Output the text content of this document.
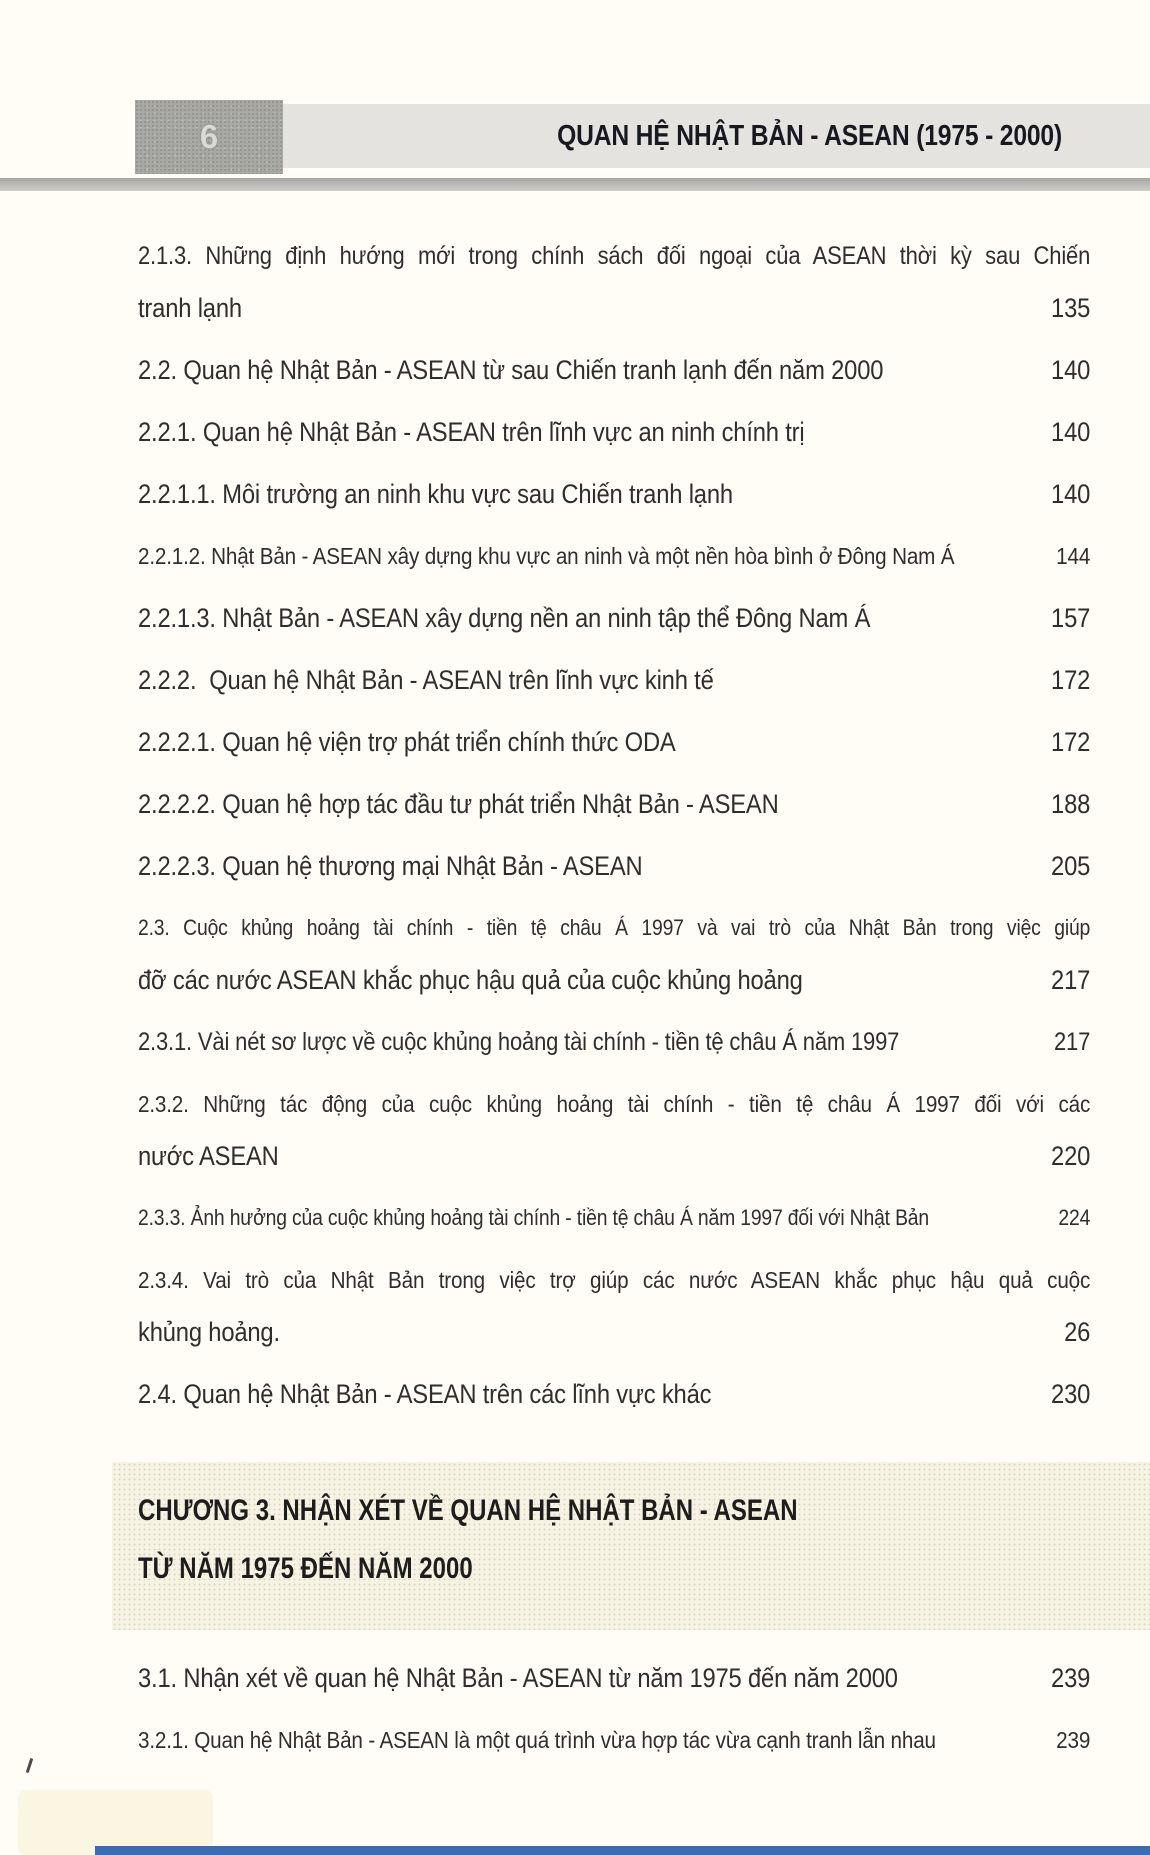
6	QUAN HỆ NHẬT BẢN - ASEAN (1975 - 2000)
2.1.3. Những định hướng mới trong chính sách đối ngoại của ASEAN thời kỳ sau Chiến
tranh lạnh	135
2.2. Quan hệ Nhật Bản - ASEAN từ sau Chiến tranh lạnh đến năm 2000	140
2.2.1. Quan hệ Nhật Bản - ASEAN trên lĩnh vực an ninh chính trị	140
2.2.1.1. Môi trường an ninh khu vực sau Chiến tranh lạnh	140
2.2.1.2. Nhật Bản - ASEAN xây dựng khu vực an ninh và một nền hòa bình ở Đông Nam Á	144
2.2.1.3. Nhật Bản - ASEAN xây dựng nền an ninh tập thể Đông Nam Á	157
2.2.2.  Quan hệ Nhật Bản - ASEAN trên lĩnh vực kinh tế	172
2.2.2.1. Quan hệ viện trợ phát triển chính thức ODA	172
2.2.2.2. Quan hệ hợp tác đầu tư phát triển Nhật Bản - ASEAN	188
2.2.2.3. Quan hệ thương mại Nhật Bản - ASEAN	205
2.3. Cuộc khủng hoảng tài chính - tiền tệ châu Á 1997 và vai trò của Nhật Bản trong việc giúp
đỡ các nước ASEAN khắc phục hậu quả của cuộc khủng hoảng	217
2.3.1. Vài nét sơ lược về cuộc khủng hoảng tài chính - tiền tệ châu Á năm 1997	217
2.3.2. Những tác động của cuộc khủng hoảng tài chính - tiền tệ châu Á 1997 đối với các
nước ASEAN	220
2.3.3. Ảnh hưởng của cuộc khủng hoảng tài chính - tiền tệ châu Á năm 1997 đối với Nhật Bản	224
2.3.4. Vai trò của Nhật Bản trong việc trợ giúp các nước ASEAN khắc phục hậu quả cuộc
khủng hoảng.	26
2.4. Quan hệ Nhật Bản - ASEAN trên các lĩnh vực khác	230
CHƯƠNG 3. NHẬN XÉT VỀ QUAN HỆ NHẬT BẢN - ASEAN
TỪ NĂM 1975 ĐẾN NĂM 2000
3.1. Nhận xét về quan hệ Nhật Bản - ASEAN từ năm 1975 đến năm 2000	239
3.2.1. Quan hệ Nhật Bản - ASEAN là một quá trình vừa hợp tác vừa cạnh tranh lẫn nhau	239
